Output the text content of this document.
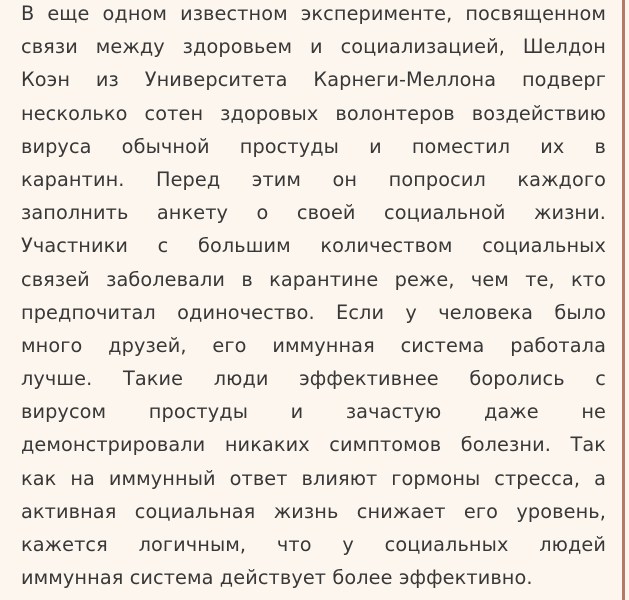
В еще одном известном эксперименте, посвященном
связи между здоровьем и социализацией, Шелдон
Коэн из Университета Карнеги-Меллона подверг
несколько сотен здоровых волонтеров воздействию
вируса обычной простуды и поместил их в
карантин. Перед этим он попросил каждого
заполнить анкету о своей социальной жизни.
Участники с большим количеством социальных
связей заболевали в карантине реже, чем те, кто
предпочитал одиночество. Если у человека было
много друзей, его иммунная система работала
лучше. Такие люди эффективнее боролись с
вирусом простуды и зачастую даже не
демонстрировали никаких симптомов болезни. Так
как на иммунный ответ влияют гормоны стресса, а
активная социальная жизнь снижает его уровень,
кажется логичным, что у социальных людей
иммунная система действует более эффективно.
